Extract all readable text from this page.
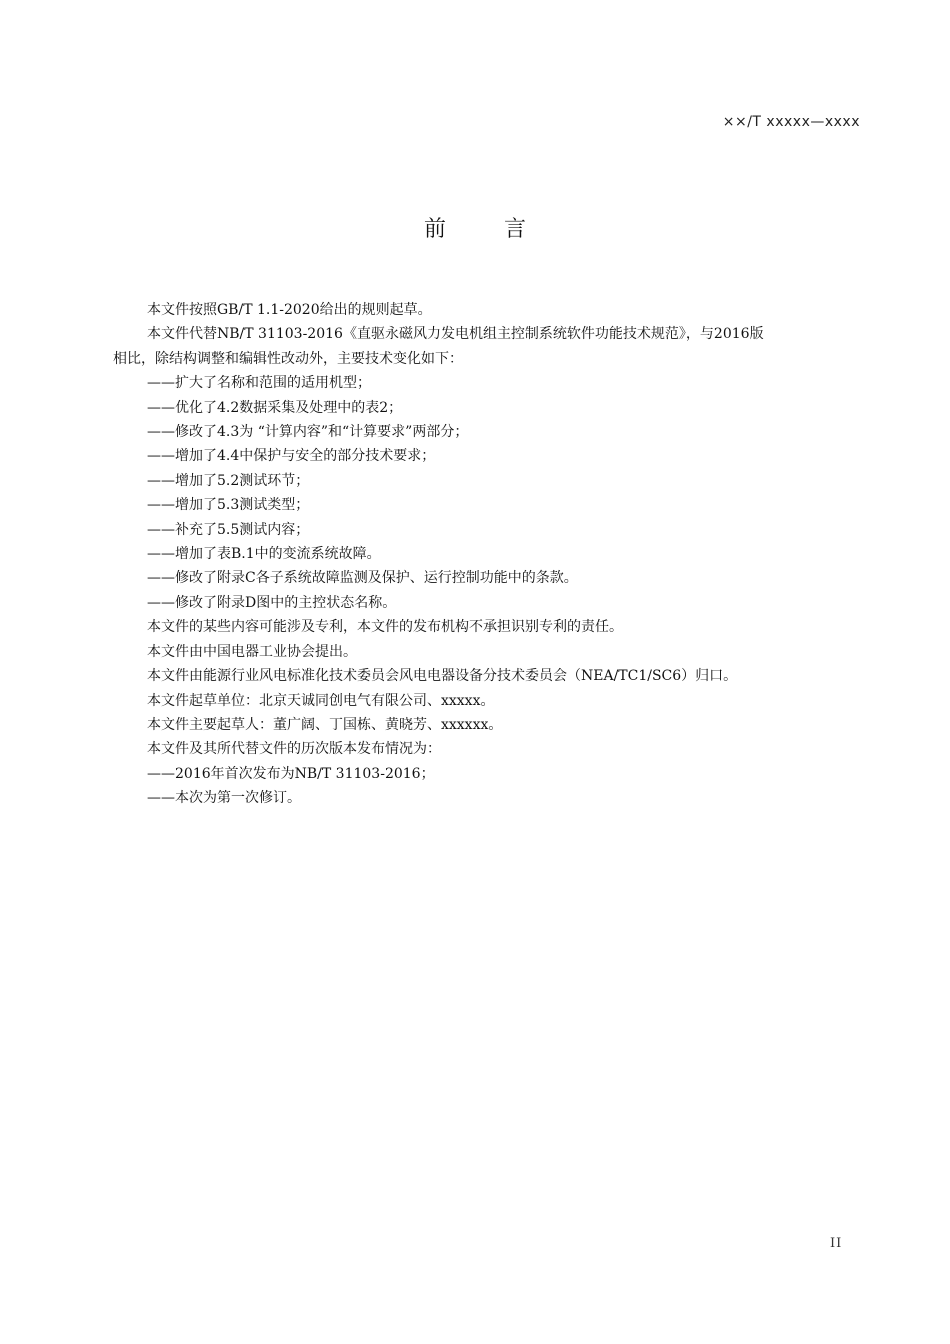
××/T xxxxx—xxxx
前	言

本文件按照GB/T 1.1-2020给出的规则起草。

本文件代替NB/T 31103-2016《直驱永磁风力发电机组主控制系统软件功能技术规范》，与2016版

相比，除结构调整和编辑性改动外，主要技术变化如下：

——扩大了名称和范围的适用机型；

——优化了4.2数据采集及处理中的表2；

——修改了4.3为 “计算内容”和“计算要求”两部分；

——增加了4.4中保护与安全的部分技术要求；

——增加了5.2测试环节；

——增加了5.3测试类型；

——补充了5.5测试内容；

——增加了表B.1中的变流系统故障。

——修改了附录C各子系统故障监测及保护、运行控制功能中的条款。

——修改了附录D图中的主控状态名称。

本文件的某些内容可能涉及专利，本文件的发布机构不承担识别专利的责任。

本文件由中国电器工业协会提出。

本文件由能源行业风电标准化技术委员会风电电器设备分技术委员会（NEA/TC1/SC6）归口。

本文件起草单位：北京天诚同创电气有限公司、xxxxx。

本文件主要起草人：董广阔、丁国栋、黄晓芳、xxxxxx。

本文件及其所代替文件的历次版本发布情况为：

——2016年首次发布为NB/T 31103-2016；

——本次为第一次修订。

II
